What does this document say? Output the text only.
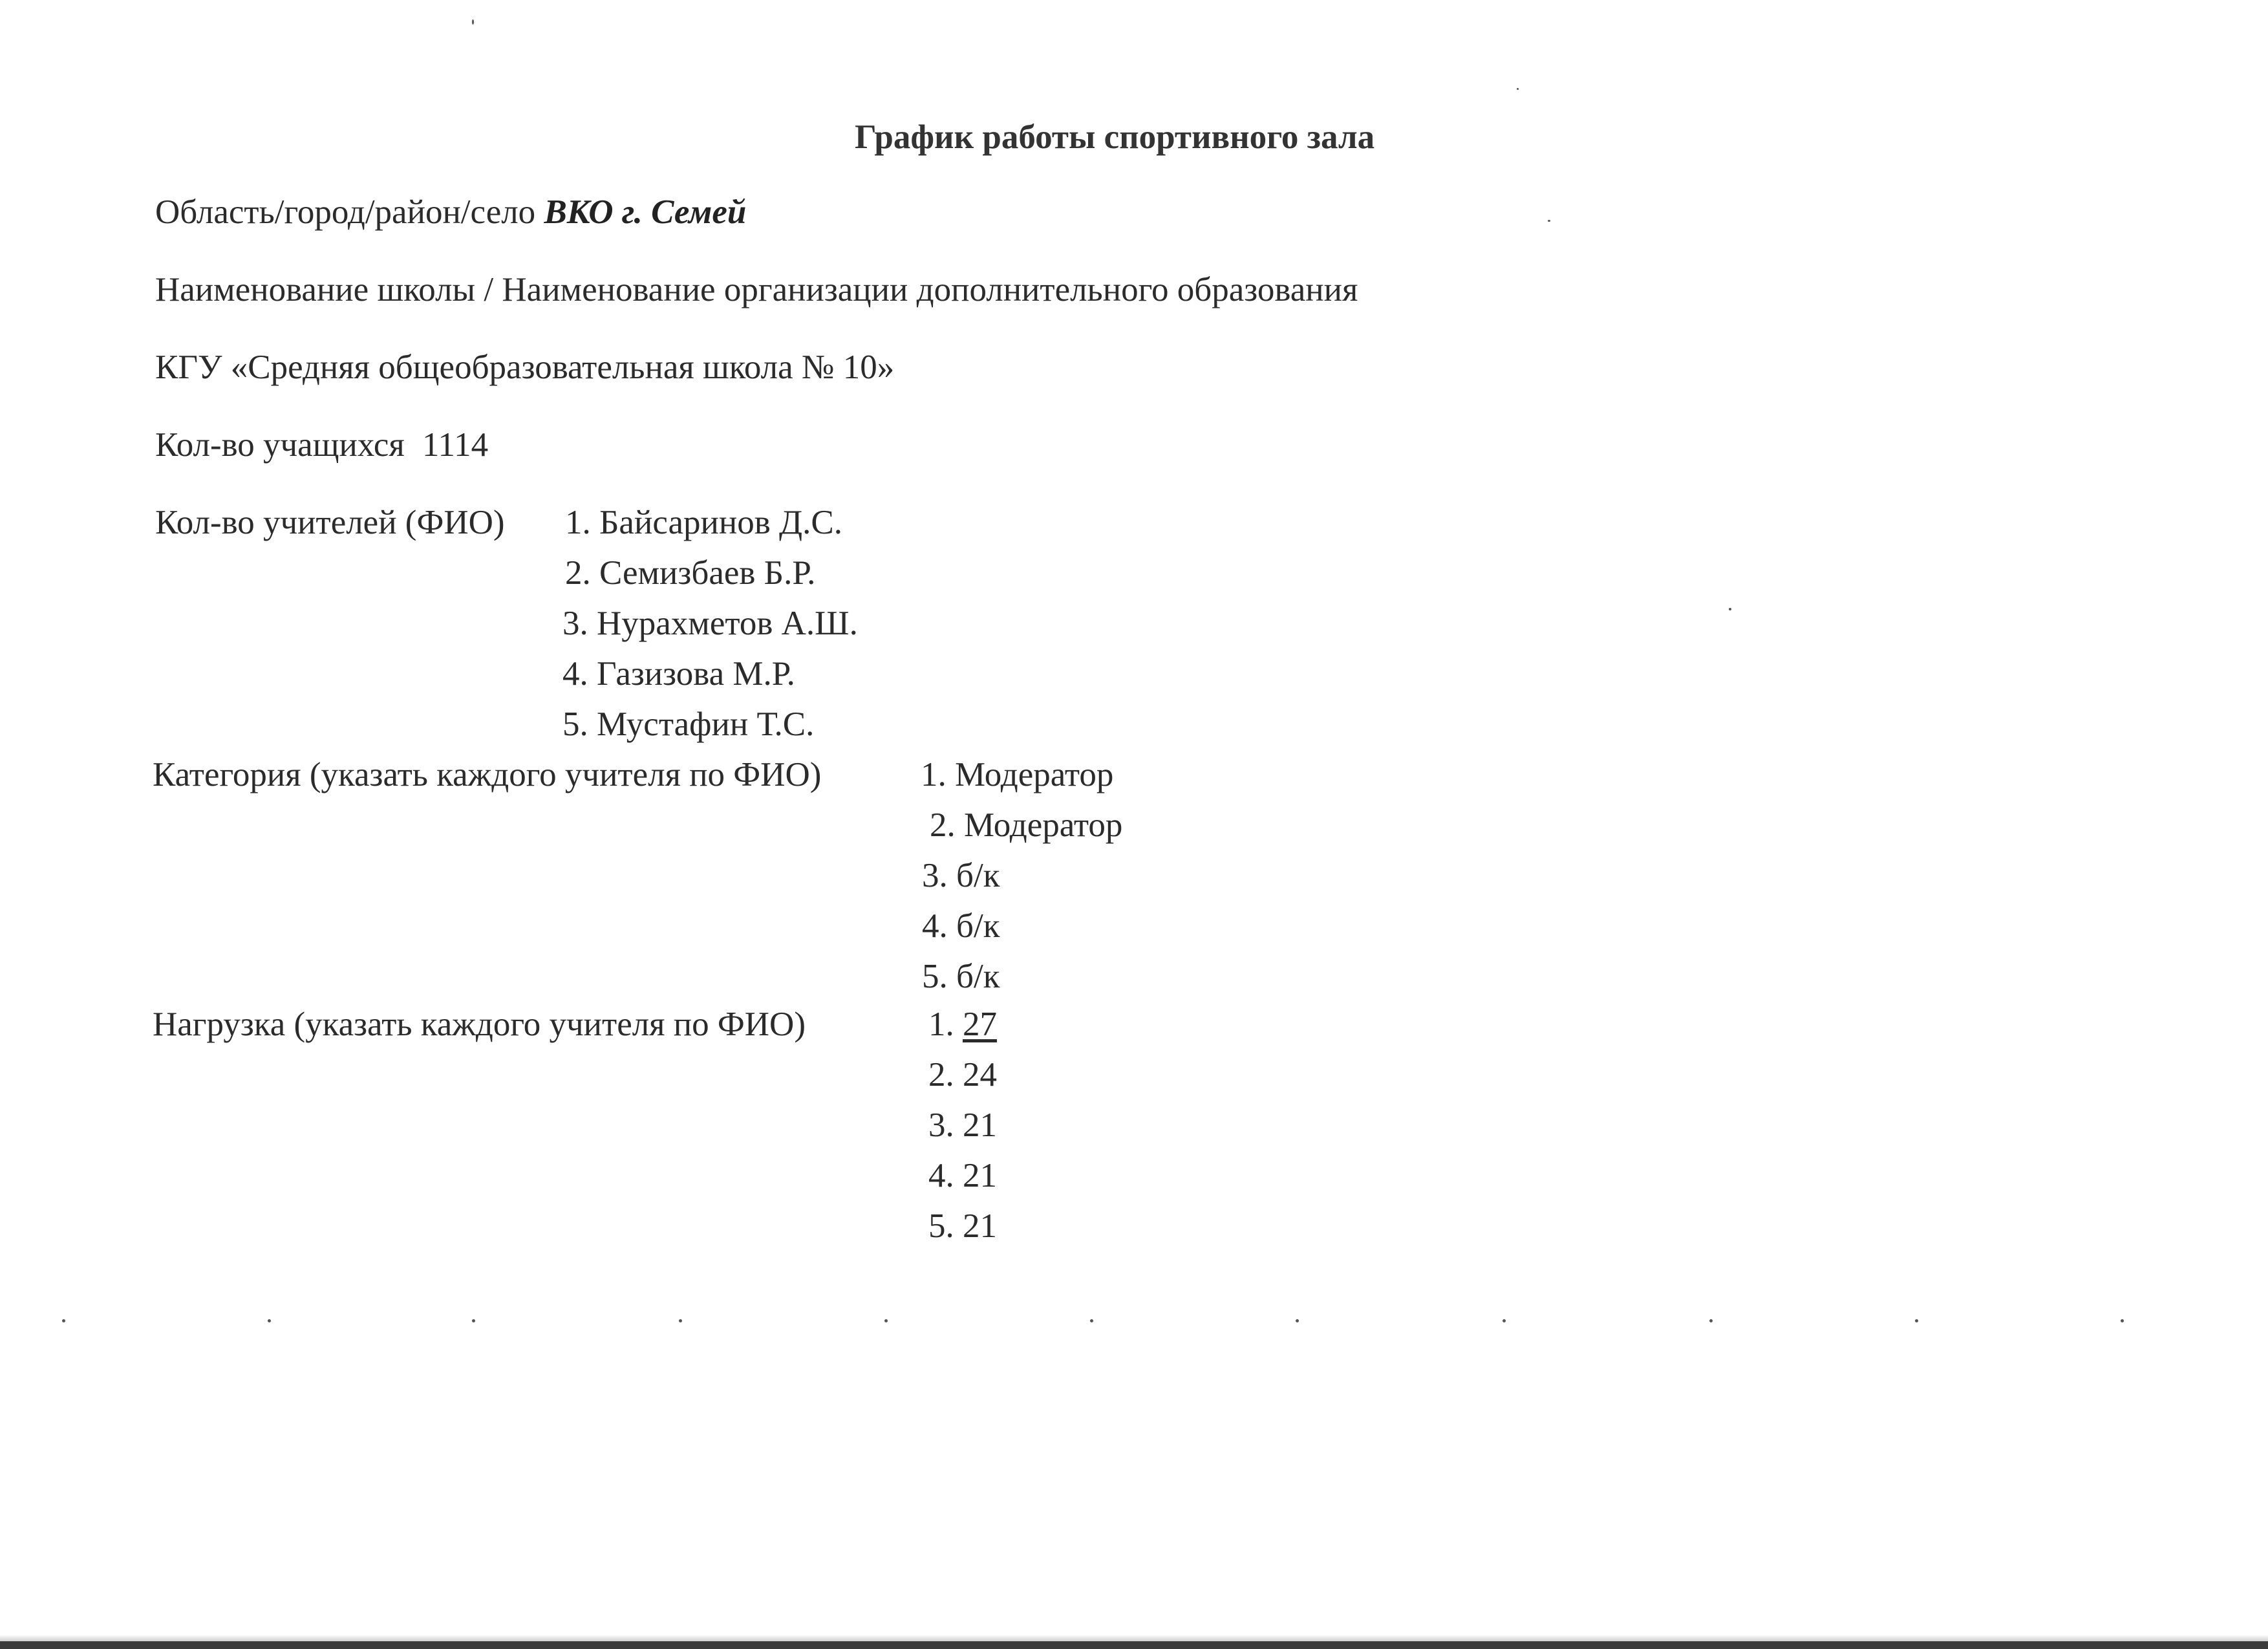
График работы спортивного зала
Область/город/район/село ВКО г. Семей
Наименование школы / Наименование организации дополнительного образования
КГУ «Средняя общеобразовательная школа № 10»
Кол-во учащихся 1114
Кол-во учителей (ФИО) 1. Байсаринов Д.С.
2. Семизбаев Б.Р.
3. Нурахметов А.Ш.
4. Газизова М.Р.
5. Мустафин Т.С.
Категория (указать каждого учителя по ФИО)	1. Модератор
2. Модератор
3. б/к
4. б/к
5. б/к
Нагрузка (указать каждого учителя по ФИО)	1. 27
2. 24
3. 21
4. 21
5. 21
